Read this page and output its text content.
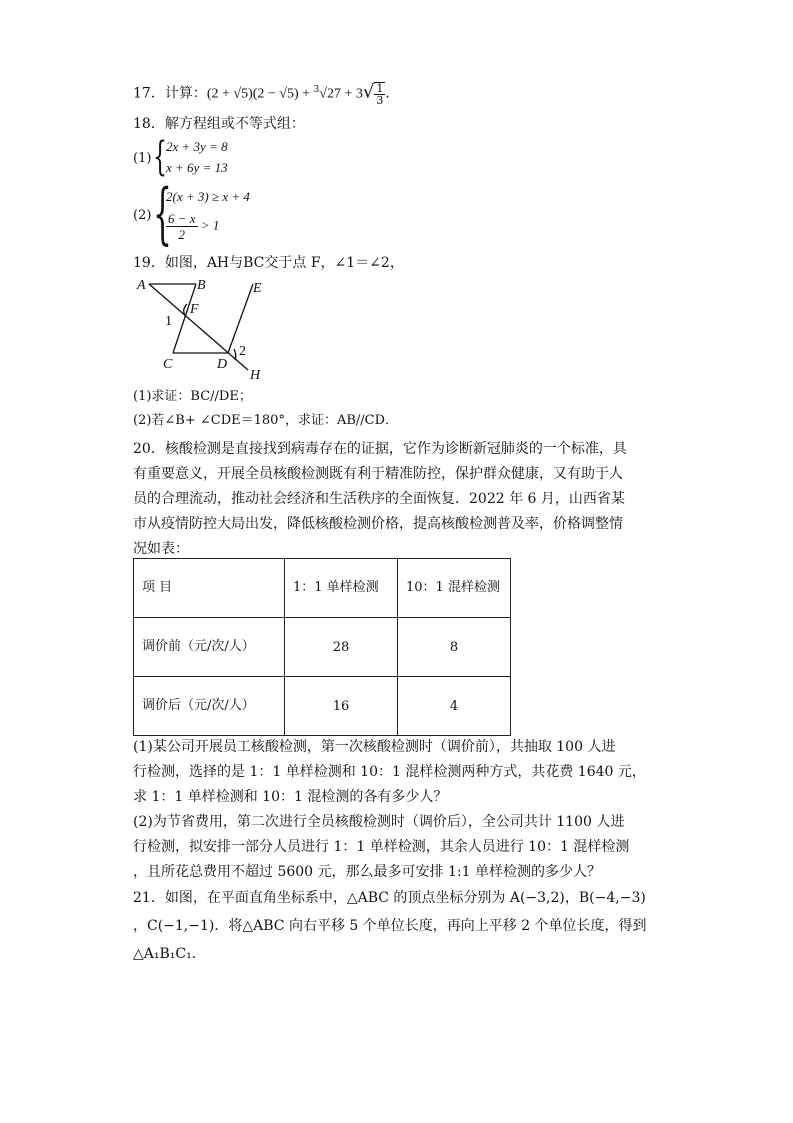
17．计算：$(2 + √5)(2 - √5) + ^3√27 + 3√ \frac{1}{3}$ .
18．解方程组或不等式组：
(1) { 2x + 3y = 8
x + 6y = 13
(2) {
2(x + 3) ≥ x + 4
$\frac{6 - x}{2} > 1$
19．如图，AH与BC交于点 F，∠1＝∠2，
A	B	E
F
1
C	D
2
H
(1)求证：BC//DE；
(2)若∠B+ ∠CDE＝180°，求证：AB//CD．
20．核酸检测是直接找到病毒存在的证据，它作为诊断新冠肺炎的一个标准，具
有重要意义，开展全员核酸检测既有利于精准防控，保护群众健康，又有助于人
员的合理流动，推动社会经济和生活秩序的全面恢复．2022 年 6 月，山西省某
市从疫情防控大局出发，降低核酸检测价格，提高核酸检测普及率，价格调整情
况如表：
项 目	1：1 单样检测	10：1 混样检测
调价前（元/次/人）	28	8
调价后（元/次/人）	16	4
(1)某公司开展员工核酸检测，第一次核酸检测时（调价前），共抽取 100 人进
行检测，选择的是 1：1 单样检测和 10：1 混样检测两种方式，共花费 1640 元，
求 1：1 单样检测和 10：1 混检测的各有多少人？
(2)为节省费用，第二次进行全员核酸检测时（调价后），全公司共计 1100 人进
行检测，拟安排一部分人员进行 1：1 单样检测，其余人员进行 10：1 混样检测
，且所花总费用不超过 5600 元，那么最多可安排 1:1 单样检测的多少人？
21．如图，在平面直角坐标系中，△ABC 的顶点坐标分别为 A(−3,2)，B(−4,−3)
，C(−1,−1)．将△ABC 向右平移 5 个单位长度，再向上平移 2 个单位长度，得到
△A₁B₁C₁．
